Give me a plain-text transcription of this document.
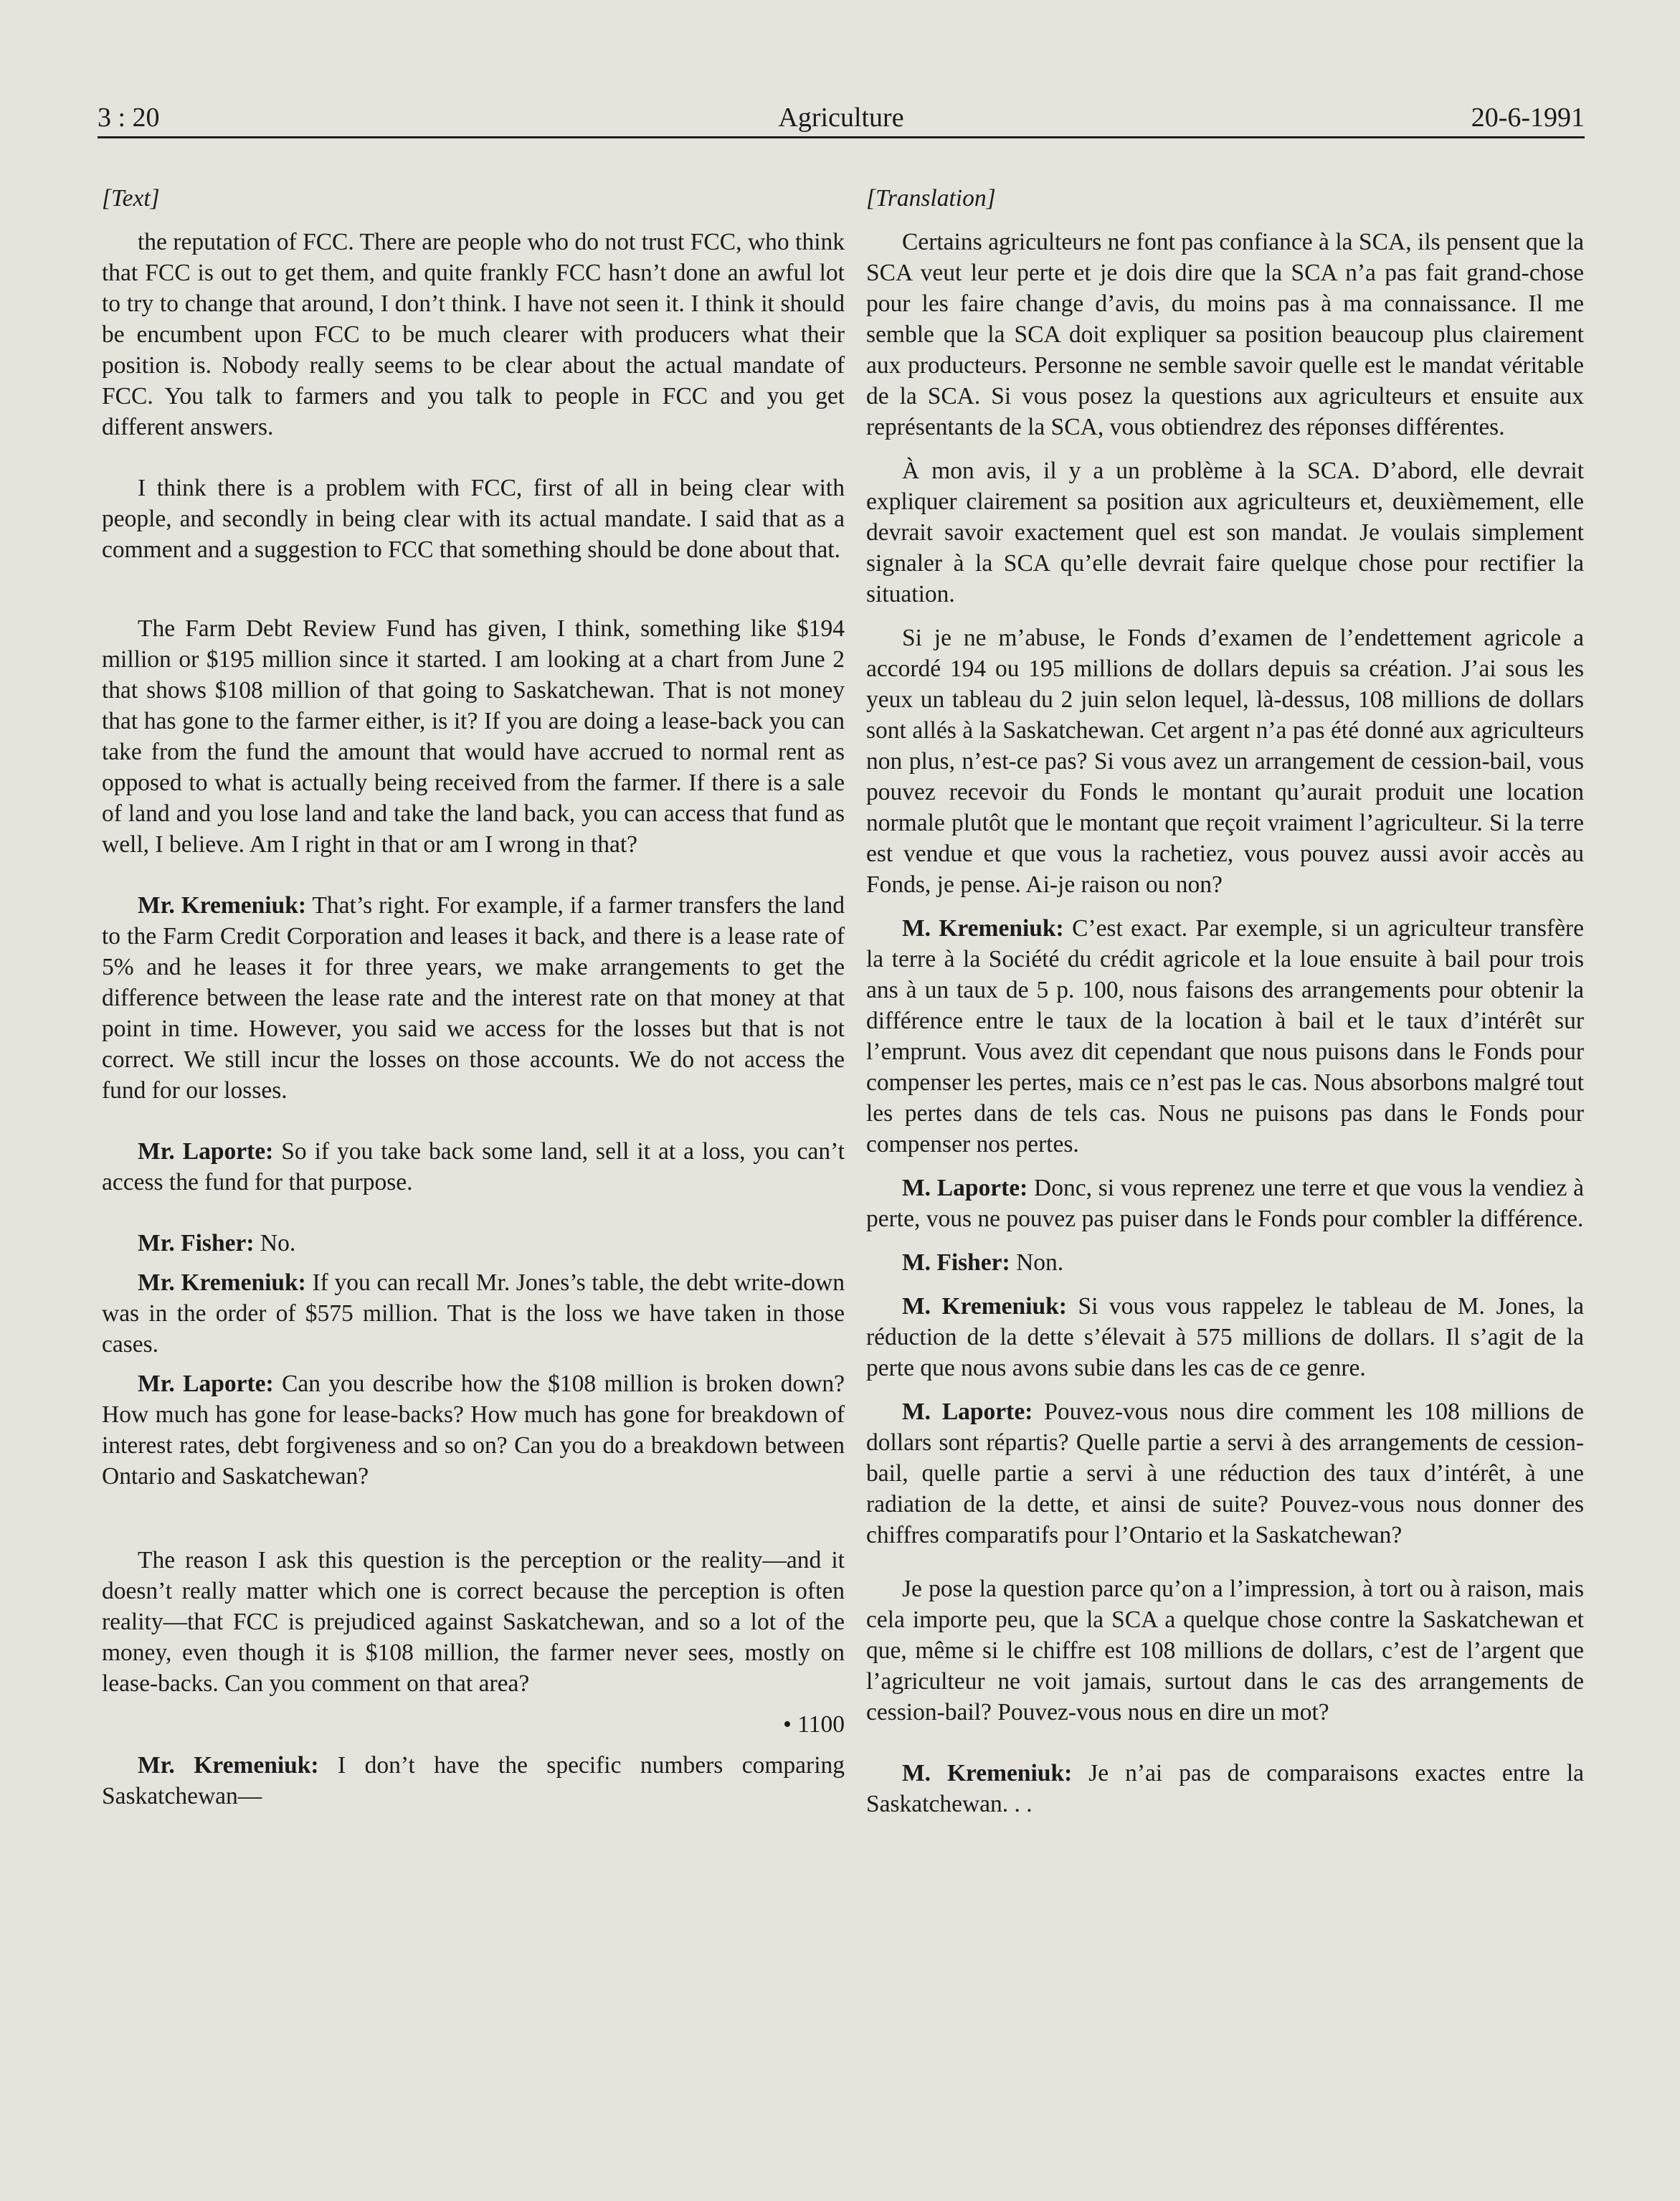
3 : 20	Agriculture	20-6-1991

[Text]

the reputation of FCC. There are people who do not trust FCC, who think that FCC is out to get them, and quite frankly FCC hasn’t done an awful lot to try to change that around, I don’t think. I have not seen it. I think it should be encumbent upon FCC to be much clearer with producers what their position is. Nobody really seems to be clear about the actual mandate of FCC. You talk to farmers and you talk to people in FCC and you get different answers.

I think there is a problem with FCC, first of all in being clear with people, and secondly in being clear with its actual mandate. I said that as a comment and a suggestion to FCC that something should be done about that.

The Farm Debt Review Fund has given, I think, something like $194 million or $195 million since it started. I am looking at a chart from June 2 that shows $108 million of that going to Saskatchewan. That is not money that has gone to the farmer either, is it? If you are doing a lease-back you can take from the fund the amount that would have accrued to normal rent as opposed to what is actually being received from the farmer. If there is a sale of land and you lose land and take the land back, you can access that fund as well, I believe. Am I right in that or am I wrong in that?

Mr. Kremeniuk: That’s right. For example, if a farmer transfers the land to the Farm Credit Corporation and leases it back, and there is a lease rate of 5% and he leases it for three years, we make arrangements to get the difference between the lease rate and the interest rate on that money at that point in time. However, you said we access for the losses but that is not correct. We still incur the losses on those accounts. We do not access the fund for our losses.

Mr. Laporte: So if you take back some land, sell it at a loss, you can’t access the fund for that purpose.

Mr. Fisher: No.

Mr. Kremeniuk: If you can recall Mr. Jones’s table, the debt write-down was in the order of $575 million. That is the loss we have taken in those cases.

Mr. Laporte: Can you describe how the $108 million is broken down? How much has gone for lease-backs? How much has gone for breakdown of interest rates, debt forgiveness and so on? Can you do a breakdown between Ontario and Saskatchewan?

The reason I ask this question is the perception or the reality—and it doesn’t really matter which one is correct because the perception is often reality—that FCC is prejudiced against Saskatchewan, and so a lot of the money, even though it is $108 million, the farmer never sees, mostly on lease-backs. Can you comment on that area?

• 1100

Mr. Kremeniuk: I don’t have the specific numbers comparing Saskatchewan—

[Translation]

Certains agriculteurs ne font pas confiance à la SCA, ils pensent que la SCA veut leur perte et je dois dire que la SCA n’a pas fait grand-chose pour les faire change d’avis, du moins pas à ma connaissance. Il me semble que la SCA doit expliquer sa position beaucoup plus clairement aux producteurs. Personne ne semble savoir quelle est le mandat véritable de la SCA. Si vous posez la questions aux agriculteurs et ensuite aux représentants de la SCA, vous obtiendrez des réponses différentes.

À mon avis, il y a un problème à la SCA. D’abord, elle devrait expliquer clairement sa position aux agriculteurs et, deuxièmement, elle devrait savoir exactement quel est son mandat. Je voulais simplement signaler à la SCA qu’elle devrait faire quelque chose pour rectifier la situation.

Si je ne m’abuse, le Fonds d’examen de l’endettement agricole a accordé 194 ou 195 millions de dollars depuis sa création. J’ai sous les yeux un tableau du 2 juin selon lequel, là-dessus, 108 millions de dollars sont allés à la Saskatchewan. Cet argent n’a pas été donné aux agriculteurs non plus, n’est-ce pas? Si vous avez un arrangement de cession-bail, vous pouvez recevoir du Fonds le montant qu’aurait produit une location normale plutôt que le montant que reçoit vraiment l’agriculteur. Si la terre est vendue et que vous la rachetiez, vous pouvez aussi avoir accès au Fonds, je pense. Ai-je raison ou non?

M. Kremeniuk: C’est exact. Par exemple, si un agriculteur transfère la terre à la Société du crédit agricole et la loue ensuite à bail pour trois ans à un taux de 5 p. 100, nous faisons des arrangements pour obtenir la différence entre le taux de la location à bail et le taux d’intérêt sur l’emprunt. Vous avez dit cependant que nous puisons dans le Fonds pour compenser les pertes, mais ce n’est pas le cas. Nous absorbons malgré tout les pertes dans de tels cas. Nous ne puisons pas dans le Fonds pour compenser nos pertes.

M. Laporte: Donc, si vous reprenez une terre et que vous la vendiez à perte, vous ne pouvez pas puiser dans le Fonds pour combler la différence.

M. Fisher: Non.

M. Kremeniuk: Si vous vous rappelez le tableau de M. Jones, la réduction de la dette s’élevait à 575 millions de dollars. Il s’agit de la perte que nous avons subie dans les cas de ce genre.

M. Laporte: Pouvez-vous nous dire comment les 108 millions de dollars sont répartis? Quelle partie a servi à des arrangements de cession-bail, quelle partie a servi à une réduction des taux d’intérêt, à une radiation de la dette, et ainsi de suite? Pouvez-vous nous donner des chiffres comparatifs pour l’Ontario et la Saskatchewan?

Je pose la question parce qu’on a l’impression, à tort ou à raison, mais cela importe peu, que la SCA a quelque chose contre la Saskatchewan et que, même si le chiffre est 108 millions de dollars, c’est de l’argent que l’agriculteur ne voit jamais, surtout dans le cas des arrangements de cession-bail? Pouvez-vous nous en dire un mot?

M. Kremeniuk: Je n’ai pas de comparaisons exactes entre la Saskatchewan. . .
